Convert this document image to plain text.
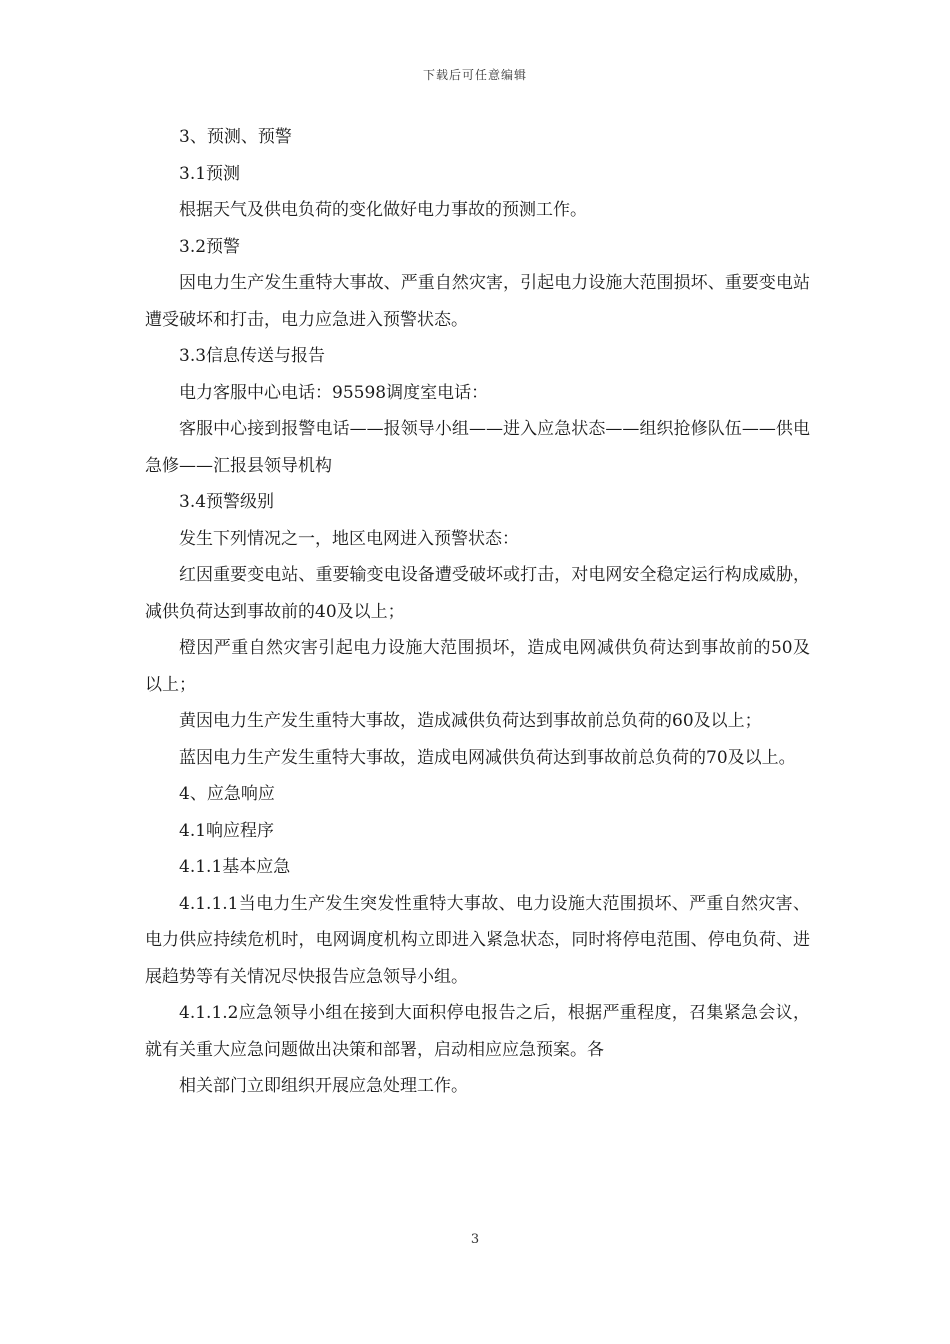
下载后可任意编辑

3、预测、预警

3.1预测

根据天气及供电负荷的变化做好电力事故的预测工作。

3.2预警

因电力生产发生重特大事故、严重自然灾害，引起电力设施大范围损坏、重要变电站遭受破坏和打击，电力应急进入预警状态。

3.3信息传送与报告

电力客服中心电话：95598调度室电话：

客服中心接到报警电话——报领导小组——进入应急状态——组织抢修队伍——供电急修——汇报县领导机构

3.4预警级别

发生下列情况之一，地区电网进入预警状态：

红因重要变电站、重要输变电设备遭受破坏或打击，对电网安全稳定运行构成威胁，减供负荷达到事故前的40及以上；

橙因严重自然灾害引起电力设施大范围损坏，造成电网减供负荷达到事故前的50及以上；

黄因电力生产发生重特大事故，造成减供负荷达到事故前总负荷的60及以上；

蓝因电力生产发生重特大事故，造成电网减供负荷达到事故前总负荷的70及以上。

4、应急响应

4.1响应程序

4.1.1基本应急

4.1.1.1当电力生产发生突发性重特大事故、电力设施大范围损坏、严重自然灾害、电力供应持续危机时，电网调度机构立即进入紧急状态，同时将停电范围、停电负荷、进展趋势等有关情况尽快报告应急领导小组。

4.1.1.2应急领导小组在接到大面积停电报告之后，根据严重程度，召集紧急会议，就有关重大应急问题做出决策和部署，启动相应应急预案。各

相关部门立即组织开展应急处理工作。

3
